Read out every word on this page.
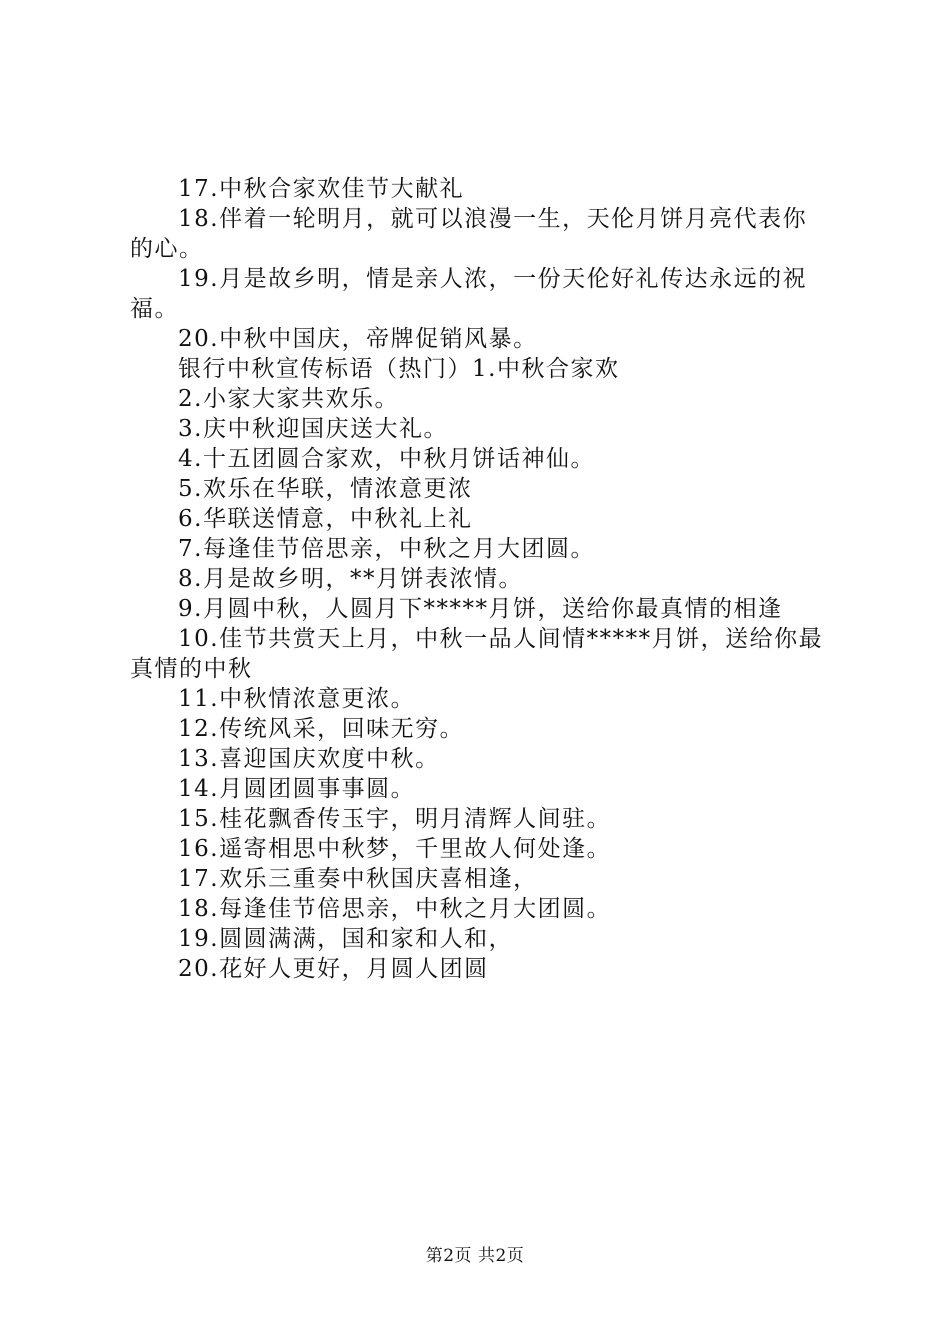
17.中秋合家欢佳节大献礼

18.伴着一轮明月，就可以浪漫一生，天伦月饼月亮代表你的心。

19.月是故乡明，情是亲人浓，一份天伦好礼传达永远的祝福。

20.中秋中国庆，帝牌促销风暴。

银行中秋宣传标语（热门）1.中秋合家欢

2.小家大家共欢乐。

3.庆中秋迎国庆送大礼。

4.十五团圆合家欢，中秋月饼话神仙。

5.欢乐在华联，情浓意更浓

6.华联送情意，中秋礼上礼

7.每逢佳节倍思亲，中秋之月大团圆。

8.月是故乡明，**月饼表浓情。

9.月圆中秋，人圆月下*****月饼，送给你最真情的相逢

10.佳节共赏天上月，中秋一品人间情*****月饼，送给你最真情的中秋

11.中秋情浓意更浓。

12.传统风采，回味无穷。

13.喜迎国庆欢度中秋。

14.月圆团圆事事圆。

15.桂花飘香传玉宇，明月清辉人间驻。

16.遥寄相思中秋梦，千里故人何处逢。

17.欢乐三重奏中秋国庆喜相逢，

18.每逢佳节倍思亲，中秋之月大团圆。

19.圆圆满满，国和家和人和，

20.花好人更好，月圆人团圆

第2页 共2页
